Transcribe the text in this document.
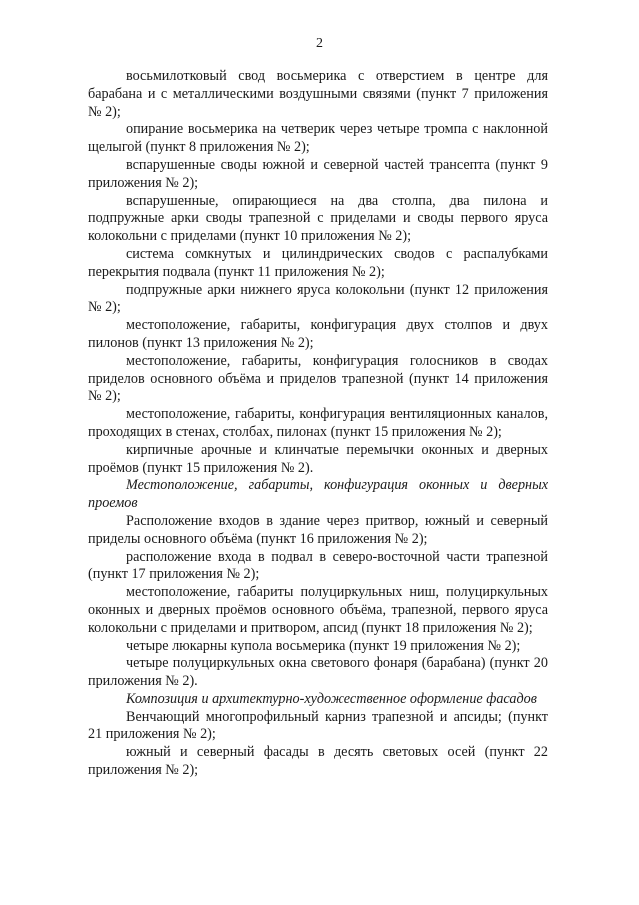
2

восьмилотковый свод восьмерика с отверстием в центре для барабана и с металлическими воздушными связями (пункт 7 приложения № 2);

опирание восьмерика на четверик через четыре тромпа с наклонной щелыгой (пункт 8 приложения № 2);

вспарушенные своды южной и северной частей трансепта (пункт 9 приложения № 2);

вспарушенные, опирающиеся на два столпа, два пилона и подпружные арки своды трапезной с приделами и своды первого яруса колокольни с приделами (пункт 10 приложения № 2);

система сомкнутых и цилиндрических сводов с распалубками перекрытия подвала (пункт 11 приложения № 2);

подпружные арки нижнего яруса колокольни (пункт 12 приложения № 2);

местоположение, габариты, конфигурация двух столпов и двух пилонов (пункт 13 приложения № 2);

местоположение, габариты, конфигурация голосников в сводах приделов основного объёма и приделов трапезной (пункт 14 приложения № 2);

местоположение, габариты, конфигурация вентиляционных каналов, проходящих в стенах, столбах, пилонах (пункт 15 приложения № 2);

кирпичные арочные и клинчатые перемычки оконных и дверных проёмов (пункт 15 приложения № 2).

Местоположение, габариты, конфигурация оконных и дверных проемов

Расположение входов в здание через притвор, южный и северный приделы основного объёма (пункт 16 приложения № 2);

расположение входа в подвал в северо-восточной части трапезной (пункт 17 приложения № 2);

местоположение, габариты полуциркульных ниш, полуциркульных оконных и дверных проёмов основного объёма, трапезной, первого яруса колокольни с приделами и притвором, апсид (пункт 18 приложения № 2);

четыре люкарны купола восьмерика (пункт 19 приложения № 2);

четыре полуциркульных окна светового фонаря (барабана) (пункт 20 приложения № 2).

Композиция и архитектурно-художественное оформление фасадов

Венчающий многопрофильный карниз трапезной и апсиды; (пункт 21 приложения № 2);

южный и северный фасады в десять световых осей (пункт 22 приложения № 2);
